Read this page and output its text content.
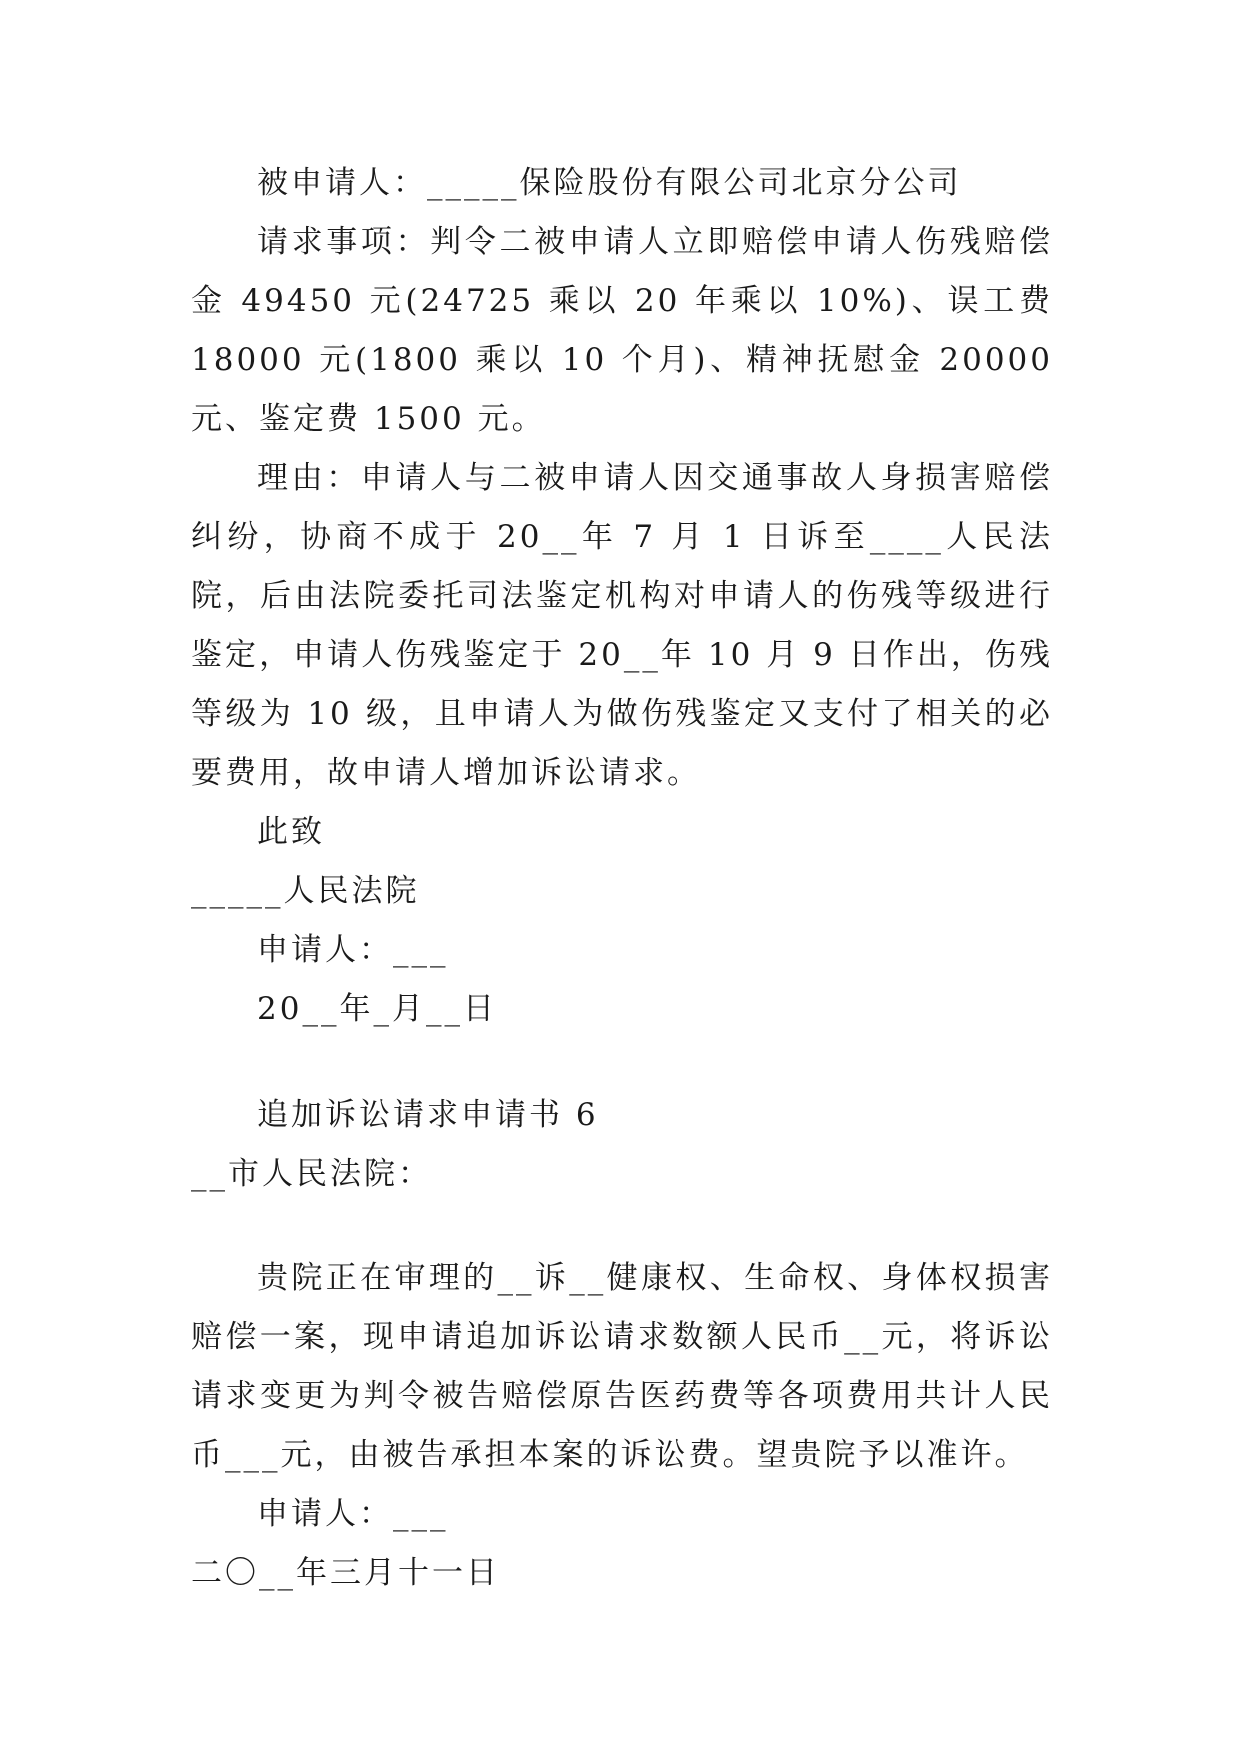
被申请人：_____保险股份有限公司北京分公司

请求事项：判令二被申请人立即赔偿申请人伤残赔偿金 49450 元(24725 乘以 20 年乘以 10%)、误工费 18000 元(1800 乘以 10 个月)、精神抚慰金 20000 元、鉴定费 1500 元。

理由：申请人与二被申请人因交通事故人身损害赔偿纠纷，协商不成于 20__年 7 月 1 日诉至____人民法院，后由法院委托司法鉴定机构对申请人的伤残等级进行鉴定，申请人伤残鉴定于 20__年 10 月 9 日作出，伤残等级为 10 级，且申请人为做伤残鉴定又支付了相关的必要费用，故申请人增加诉讼请求。

此致

_____人民法院

申请人：___

20__年_月__日

追加诉讼请求申请书 6

__市人民法院：

贵院正在审理的__诉__健康权、生命权、身体权损害赔偿一案，现申请追加诉讼请求数额人民币__元，将诉讼请求变更为判令被告赔偿原告医药费等各项费用共计人民币___元，由被告承担本案的诉讼费。望贵院予以准许。

申请人：___

二〇__年三月十一日
